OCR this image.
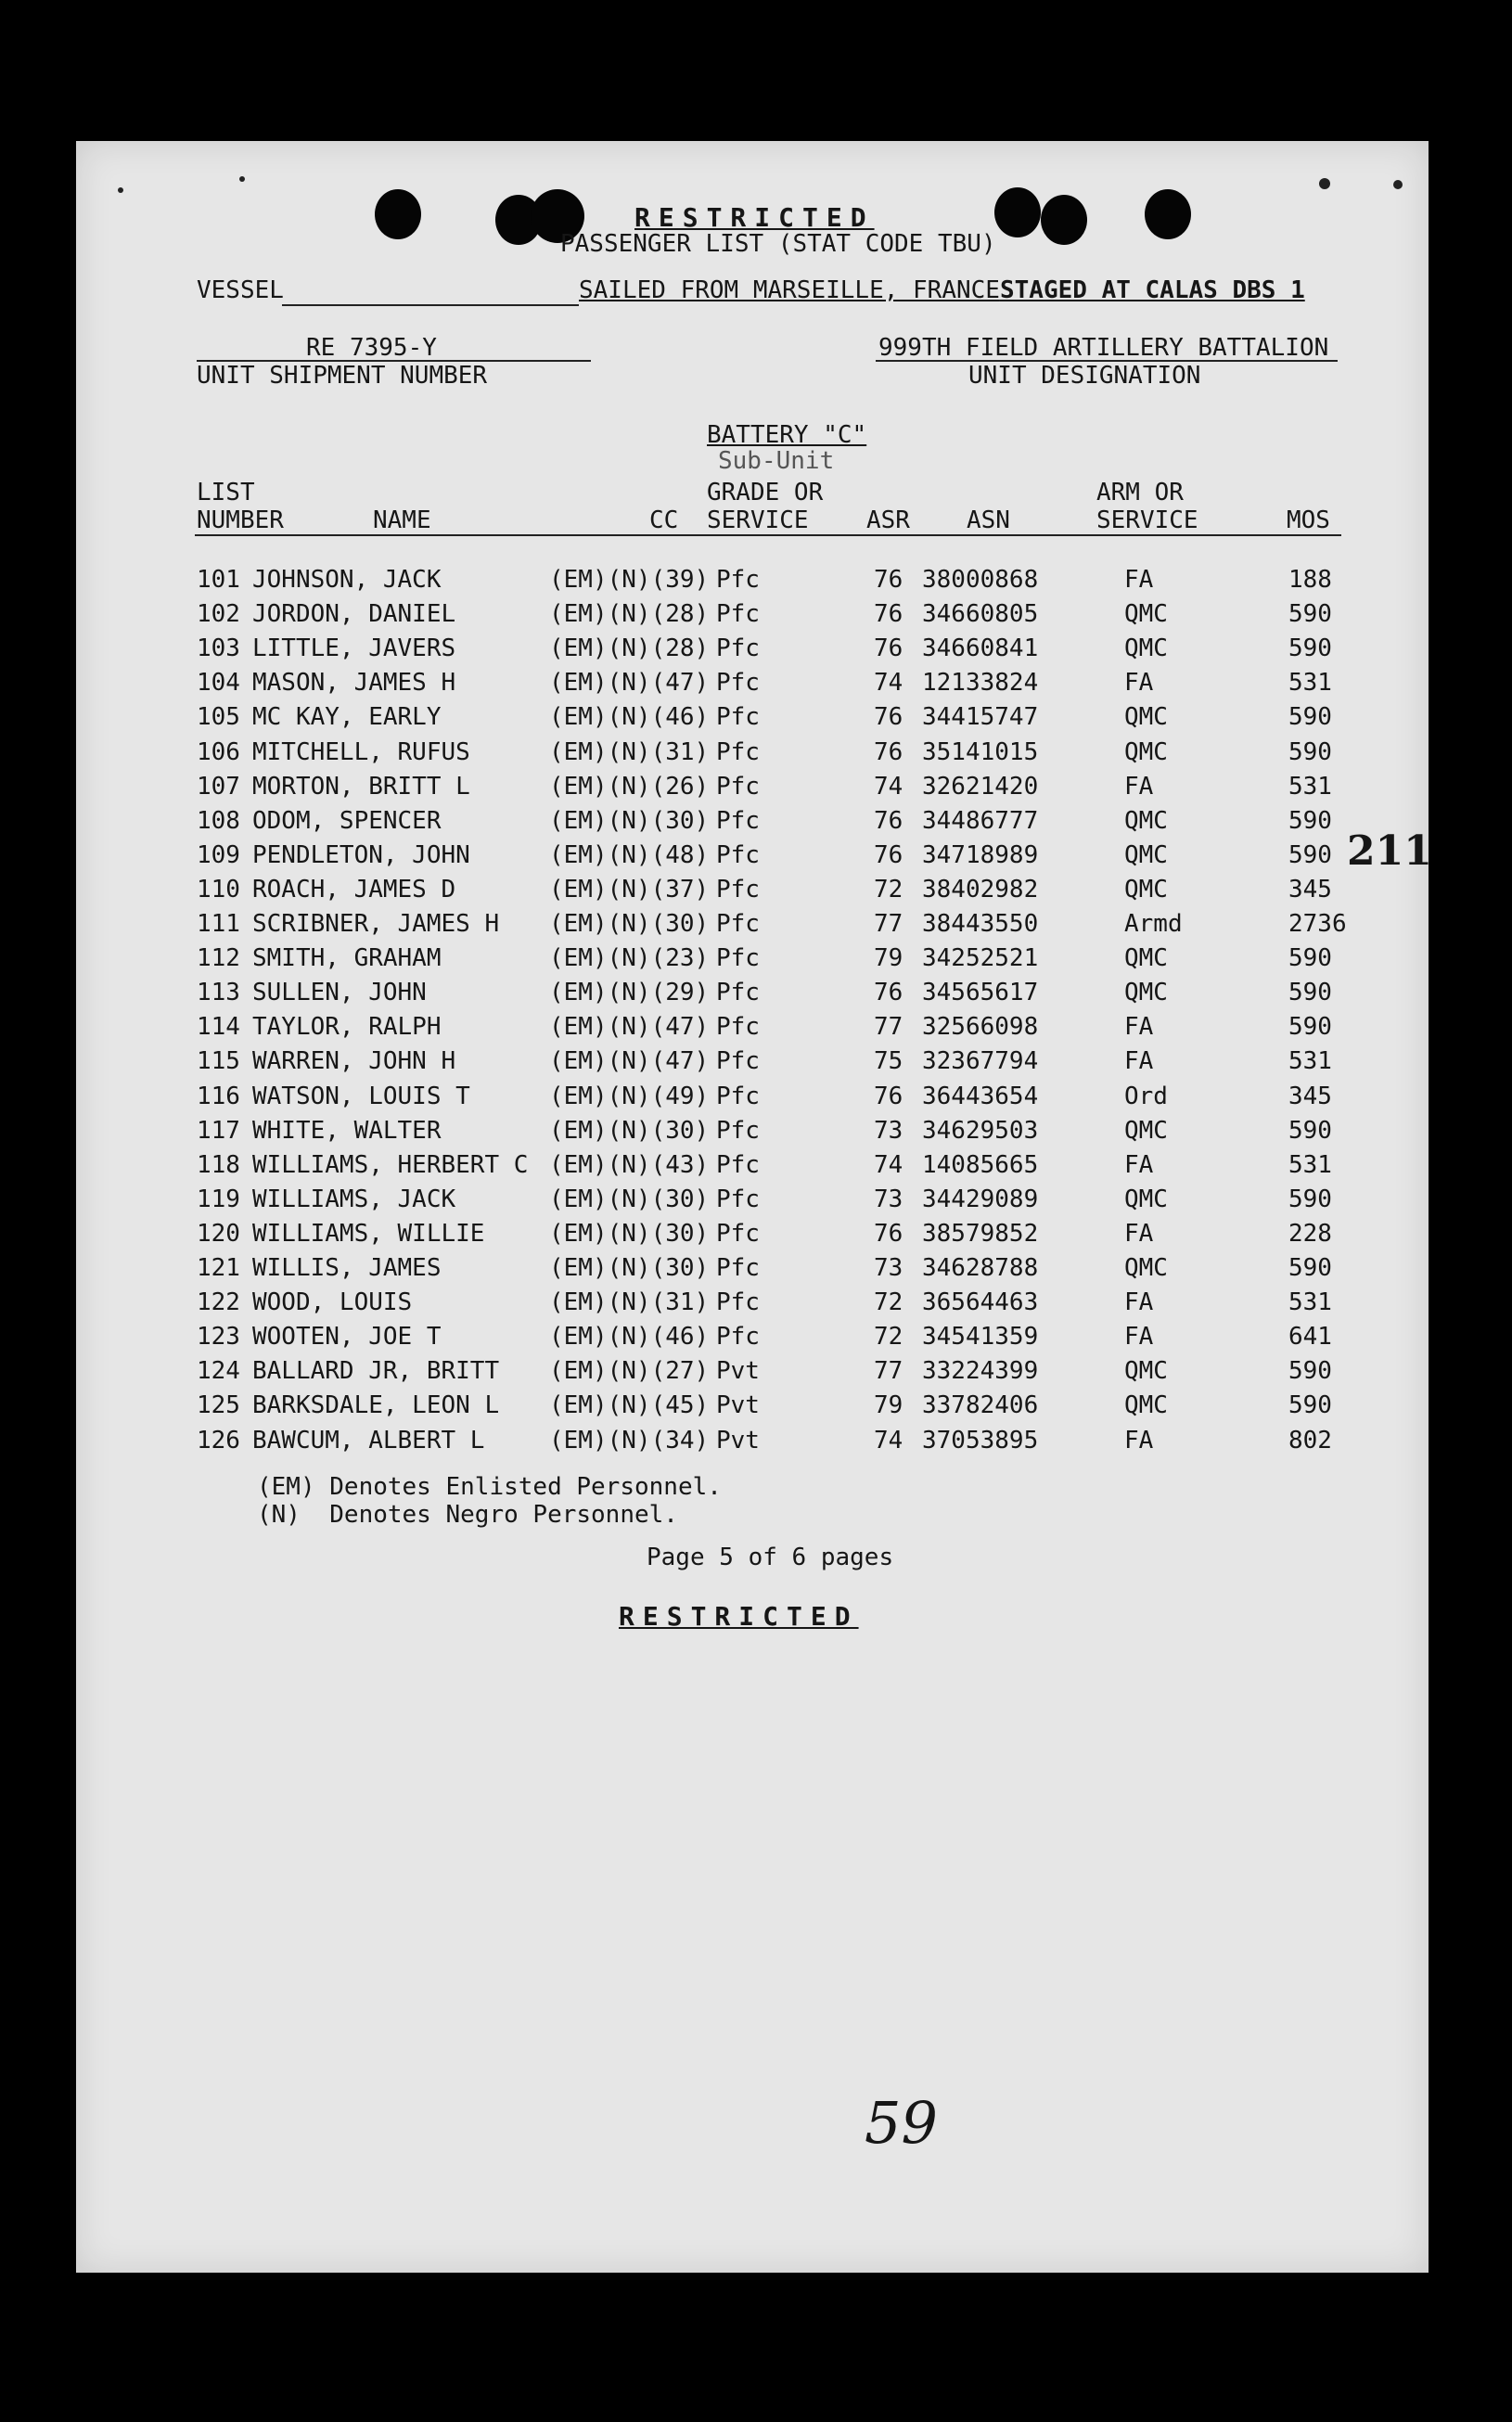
RESTRICTED
PASSENGER LIST (STAT CODE TBU)
VESSEL	SAILED FROM MARSEILLE, FRANCE STAGED AT CALAS DBS 1
RE 7395-Y
UNIT SHIPMENT NUMBER
999TH FIELD ARTILLERY BATTALION
UNIT DESIGNATION
BATTERY "C"
Sub-Unit
LIST
NUMBER	NAME	CC
GRADE OR
SERVICE ASR ASN
ARM OR
SERVICE	MOS
101 JOHNSON, JACK	(EM)(N)(39) Pfc	76 38000868	FA	188
102 JORDON, DANIEL	(EM)(N)(28) Pfc	76 34660805	QMC	590
103 LITTLE, JAVERS	(EM)(N)(28) Pfc	76 34660841	QMC	590
104 MASON, JAMES H	(EM)(N)(47) Pfc	74 12133824	FA	531
105 MC KAY, EARLY	(EM)(N)(46) Pfc	76 34415747	QMC	590
106 MITCHELL, RUFUS	(EM)(N)(31) Pfc	76 35141015	QMC	590
107 MORTON, BRITT L	(EM)(N)(26) Pfc	74 32621420	FA	531
108 ODOM, SPENCER	(EM)(N)(30) Pfc	76 34486777	QMC	590
109 PENDLETON, JOHN	(EM)(N)(48) Pfc	76 34718989	QMC	590
110 ROACH, JAMES D	(EM)(N)(37) Pfc	72 38402982	QMC	345
111 SCRIBNER, JAMES H (EM)(N)(30) Pfc	77 38443550	Armd	2736
112 SMITH, GRAHAM	(EM)(N)(23) Pfc	79 34252521	QMC	590
113 SULLEN, JOHN	(EM)(N)(29) Pfc	76 34565617	QMC	590
114 TAYLOR, RALPH	(EM)(N)(47) Pfc	77 32566098	FA	590
115 WARREN, JOHN H	(EM)(N)(47) Pfc	75 32367794	FA	531
116 WATSON, LOUIS T	(EM)(N)(49) Pfc	76 36443654	Ord	345
117 WHITE, WALTER	(EM)(N)(30) Pfc	73 34629503	QMC	590
118 WILLIAMS, HERBERT C (EM)(N)(43) Pfc	74 14085665	FA	531
119 WILLIAMS, JACK	(EM)(N)(30) Pfc	73 34429089	QMC	590
120 WILLIAMS, WILLIE	(EM)(N)(30) Pfc	76 38579852	FA	228
121 WILLIS, JAMES	(EM)(N)(30) Pfc	73 34628788	QMC	590
122 WOOD, LOUIS	(EM)(N)(31) Pfc	72 36564463	FA	531
123 WOOTEN, JOE T	(EM)(N)(46) Pfc	72 34541359	FA	641
124 BALLARD JR, BRITT (EM)(N)(27) Pvt	77 33224399	QMC	590
125 BARKSDALE, LEON L (EM)(N)(45) Pvt	79 33782406	QMC	590
126 BAWCUM, ALBERT L	(EM)(N)(34) Pvt	74 37053895	FA	802
211
(EM) Denotes Enlisted Personnel.
(N)  Denotes Negro Personnel.
Page 5 of 6 pages
RESTRICTED
59
